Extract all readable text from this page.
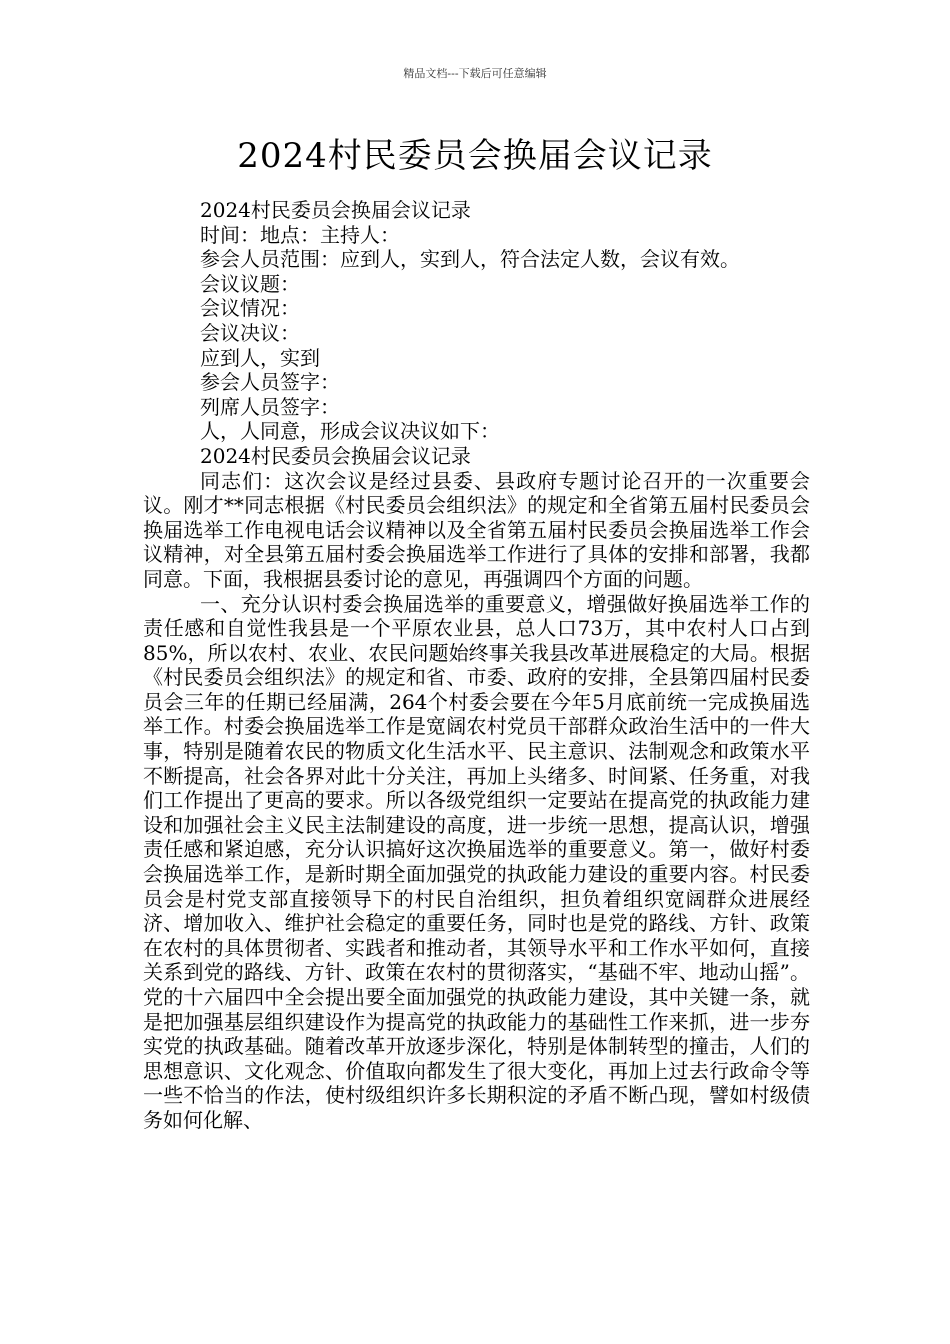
精品文档---下载后可任意编辑
2024村民委员会换届会议记录

2024村民委员会换届会议记录

时间：地点：主持人：

参会人员范围：应到人，实到人，符合法定人数，会议有效。

会议议题：

会议情况：

会议决议：

应到人，实到

参会人员签字：

列席人员签字：

人，人同意，形成会议决议如下：

2024村民委员会换届会议记录

同志们：这次会议是经过县委、县政府专题讨论召开的一次重要会议。刚才**同志根据《村民委员会组织法》的规定和全省第五届村民委员会换届选举工作电视电话会议精神以及全省第五届村民委员会换届选举工作会议精神，对全县第五届村委会换届选举工作进行了具体的安排和部署，我都同意。下面，我根据县委讨论的意见，再强调四个方面的问题。

一、充分认识村委会换届选举的重要意义，增强做好换届选举工作的责任感和自觉性我县是一个平原农业县，总人口73万，其中农村人口占到85%，所以农村、农业、农民问题始终事关我县改革进展稳定的大局。根据《村民委员会组织法》的规定和省、市委、政府的安排，全县第四届村民委员会三年的任期已经届满，264个村委会要在今年5月底前统一完成换届选举工作。村委会换届选举工作是宽阔农村党员干部群众政治生活中的一件大事，特别是随着农民的物质文化生活水平、民主意识、法制观念和政策水平不断提高，社会各界对此十分关注，再加上头绪多、时间紧、任务重，对我们工作提出了更高的要求。所以各级党组织一定要站在提高党的执政能力建设和加强社会主义民主法制建设的高度，进一步统一思想，提高认识，增强责任感和紧迫感，充分认识搞好这次换届选举的重要意义。第一，做好村委会换届选举工作，是新时期全面加强党的执政能力建设的重要内容。村民委员会是村党支部直接领导下的村民自治组织，担负着组织宽阔群众进展经济、增加收入、维护社会稳定的重要任务，同时也是党的路线、方针、政策在农村的具体贯彻者、实践者和推动者，其领导水平和工作水平如何，直接关系到党的路线、方针、政策在农村的贯彻落实，“基础不牢、地动山摇”。党的十六届四中全会提出要全面加强党的执政能力建设，其中关键一条，就是把加强基层组织建设作为提高党的执政能力的基础性工作来抓，进一步夯实党的执政基础。随着改革开放逐步深化，特别是体制转型的撞击，人们的思想意识、文化观念、价值取向都发生了很大变化，再加上过去行政命令等一些不恰当的作法，使村级组织许多长期积淀的矛盾不断凸现，譬如村级债务如何化解、
